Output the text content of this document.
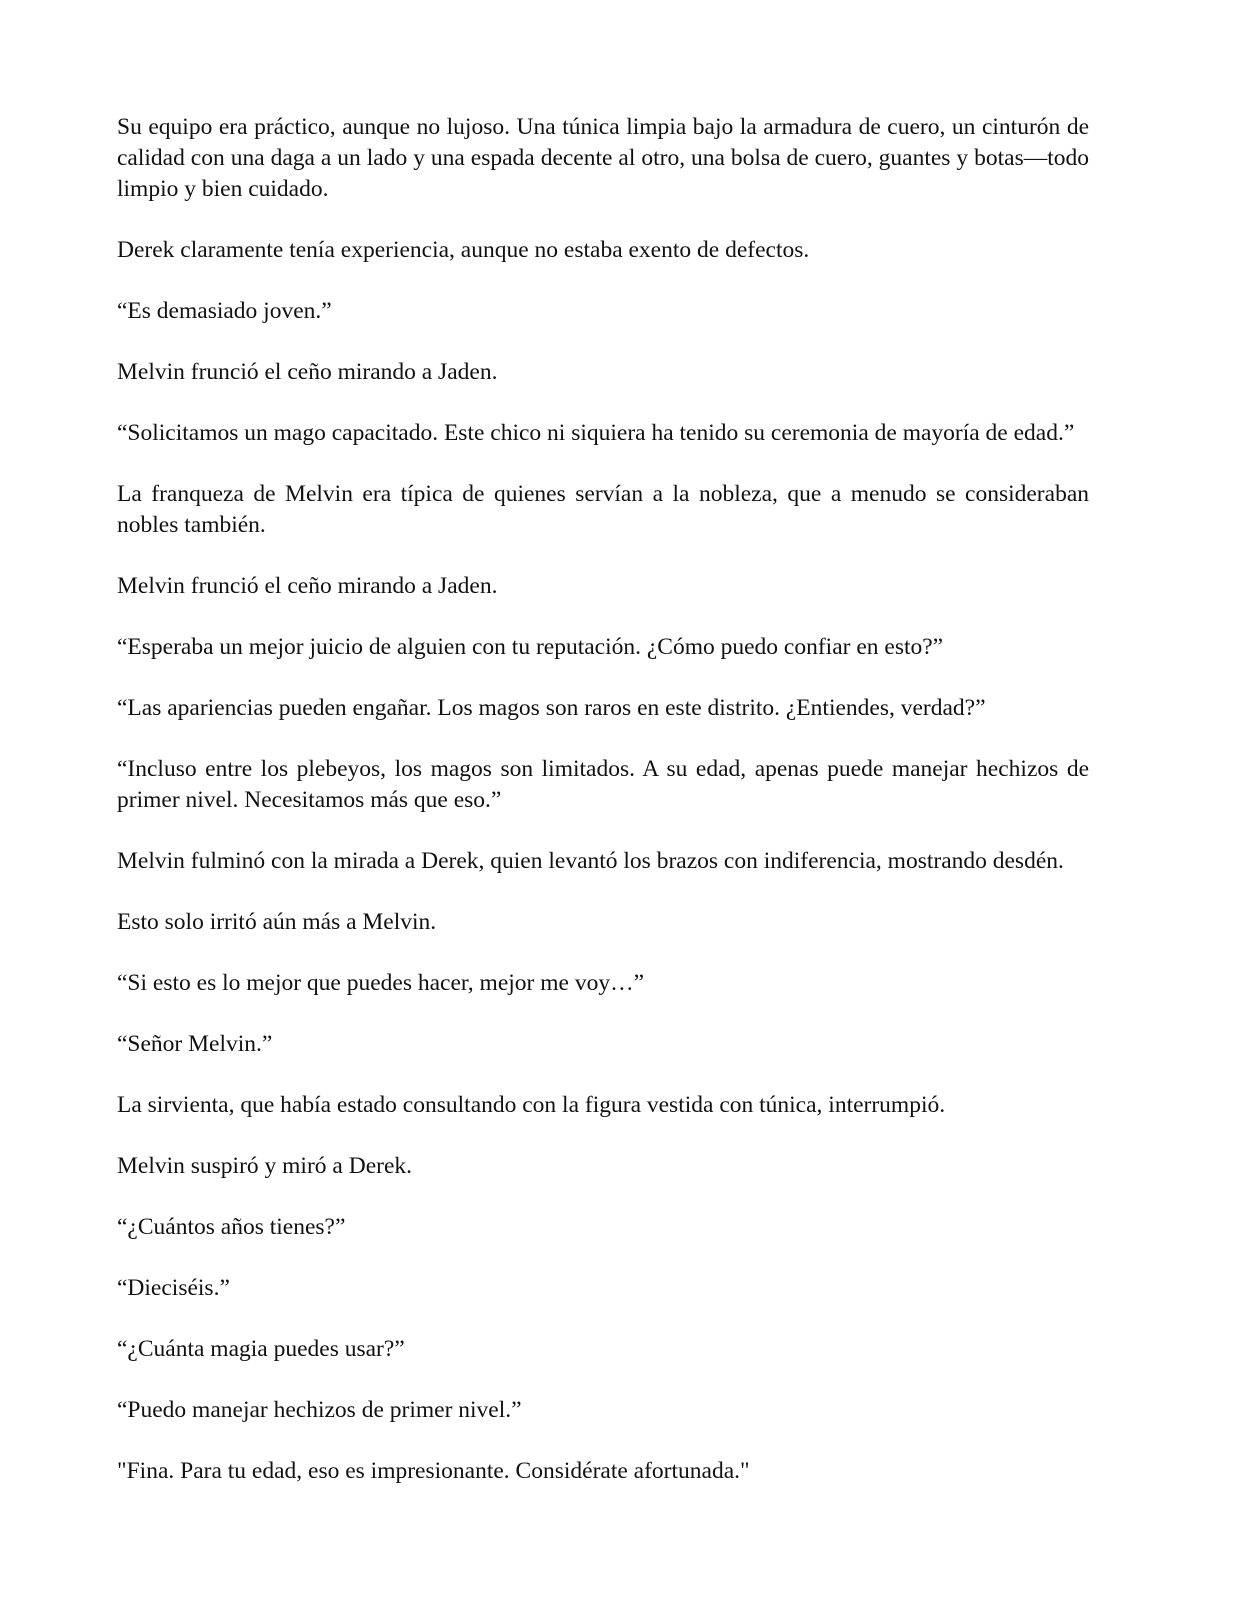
Su equipo era práctico, aunque no lujoso. Una túnica limpia bajo la armadura de cuero, un cinturón de calidad con una daga a un lado y una espada decente al otro, una bolsa de cuero, guantes y botas—todo limpio y bien cuidado.

Derek claramente tenía experiencia, aunque no estaba exento de defectos.

“Es demasiado joven.”

Melvin frunció el ceño mirando a Jaden.

“Solicitamos un mago capacitado. Este chico ni siquiera ha tenido su ceremonia de mayoría de edad.”

La franqueza de Melvin era típica de quienes servían a la nobleza, que a menudo se consideraban nobles también.

Melvin frunció el ceño mirando a Jaden.

“Esperaba un mejor juicio de alguien con tu reputación. ¿Cómo puedo confiar en esto?”

“Las apariencias pueden engañar. Los magos son raros en este distrito. ¿Entiendes, verdad?”

“Incluso entre los plebeyos, los magos son limitados. A su edad, apenas puede manejar hechizos de primer nivel. Necesitamos más que eso.”

Melvin fulminó con la mirada a Derek, quien levantó los brazos con indiferencia, mostrando desdén.

Esto solo irritó aún más a Melvin.

“Si esto es lo mejor que puedes hacer, mejor me voy…”

“Señor Melvin.”

La sirvienta, que había estado consultando con la figura vestida con túnica, interrumpió.

Melvin suspiró y miró a Derek.

“¿Cuántos años tienes?”

“Dieciséis.”

“¿Cuánta magia puedes usar?”

“Puedo manejar hechizos de primer nivel.”

"Fina. Para tu edad, eso es impresionante. Considérate afortunada."
